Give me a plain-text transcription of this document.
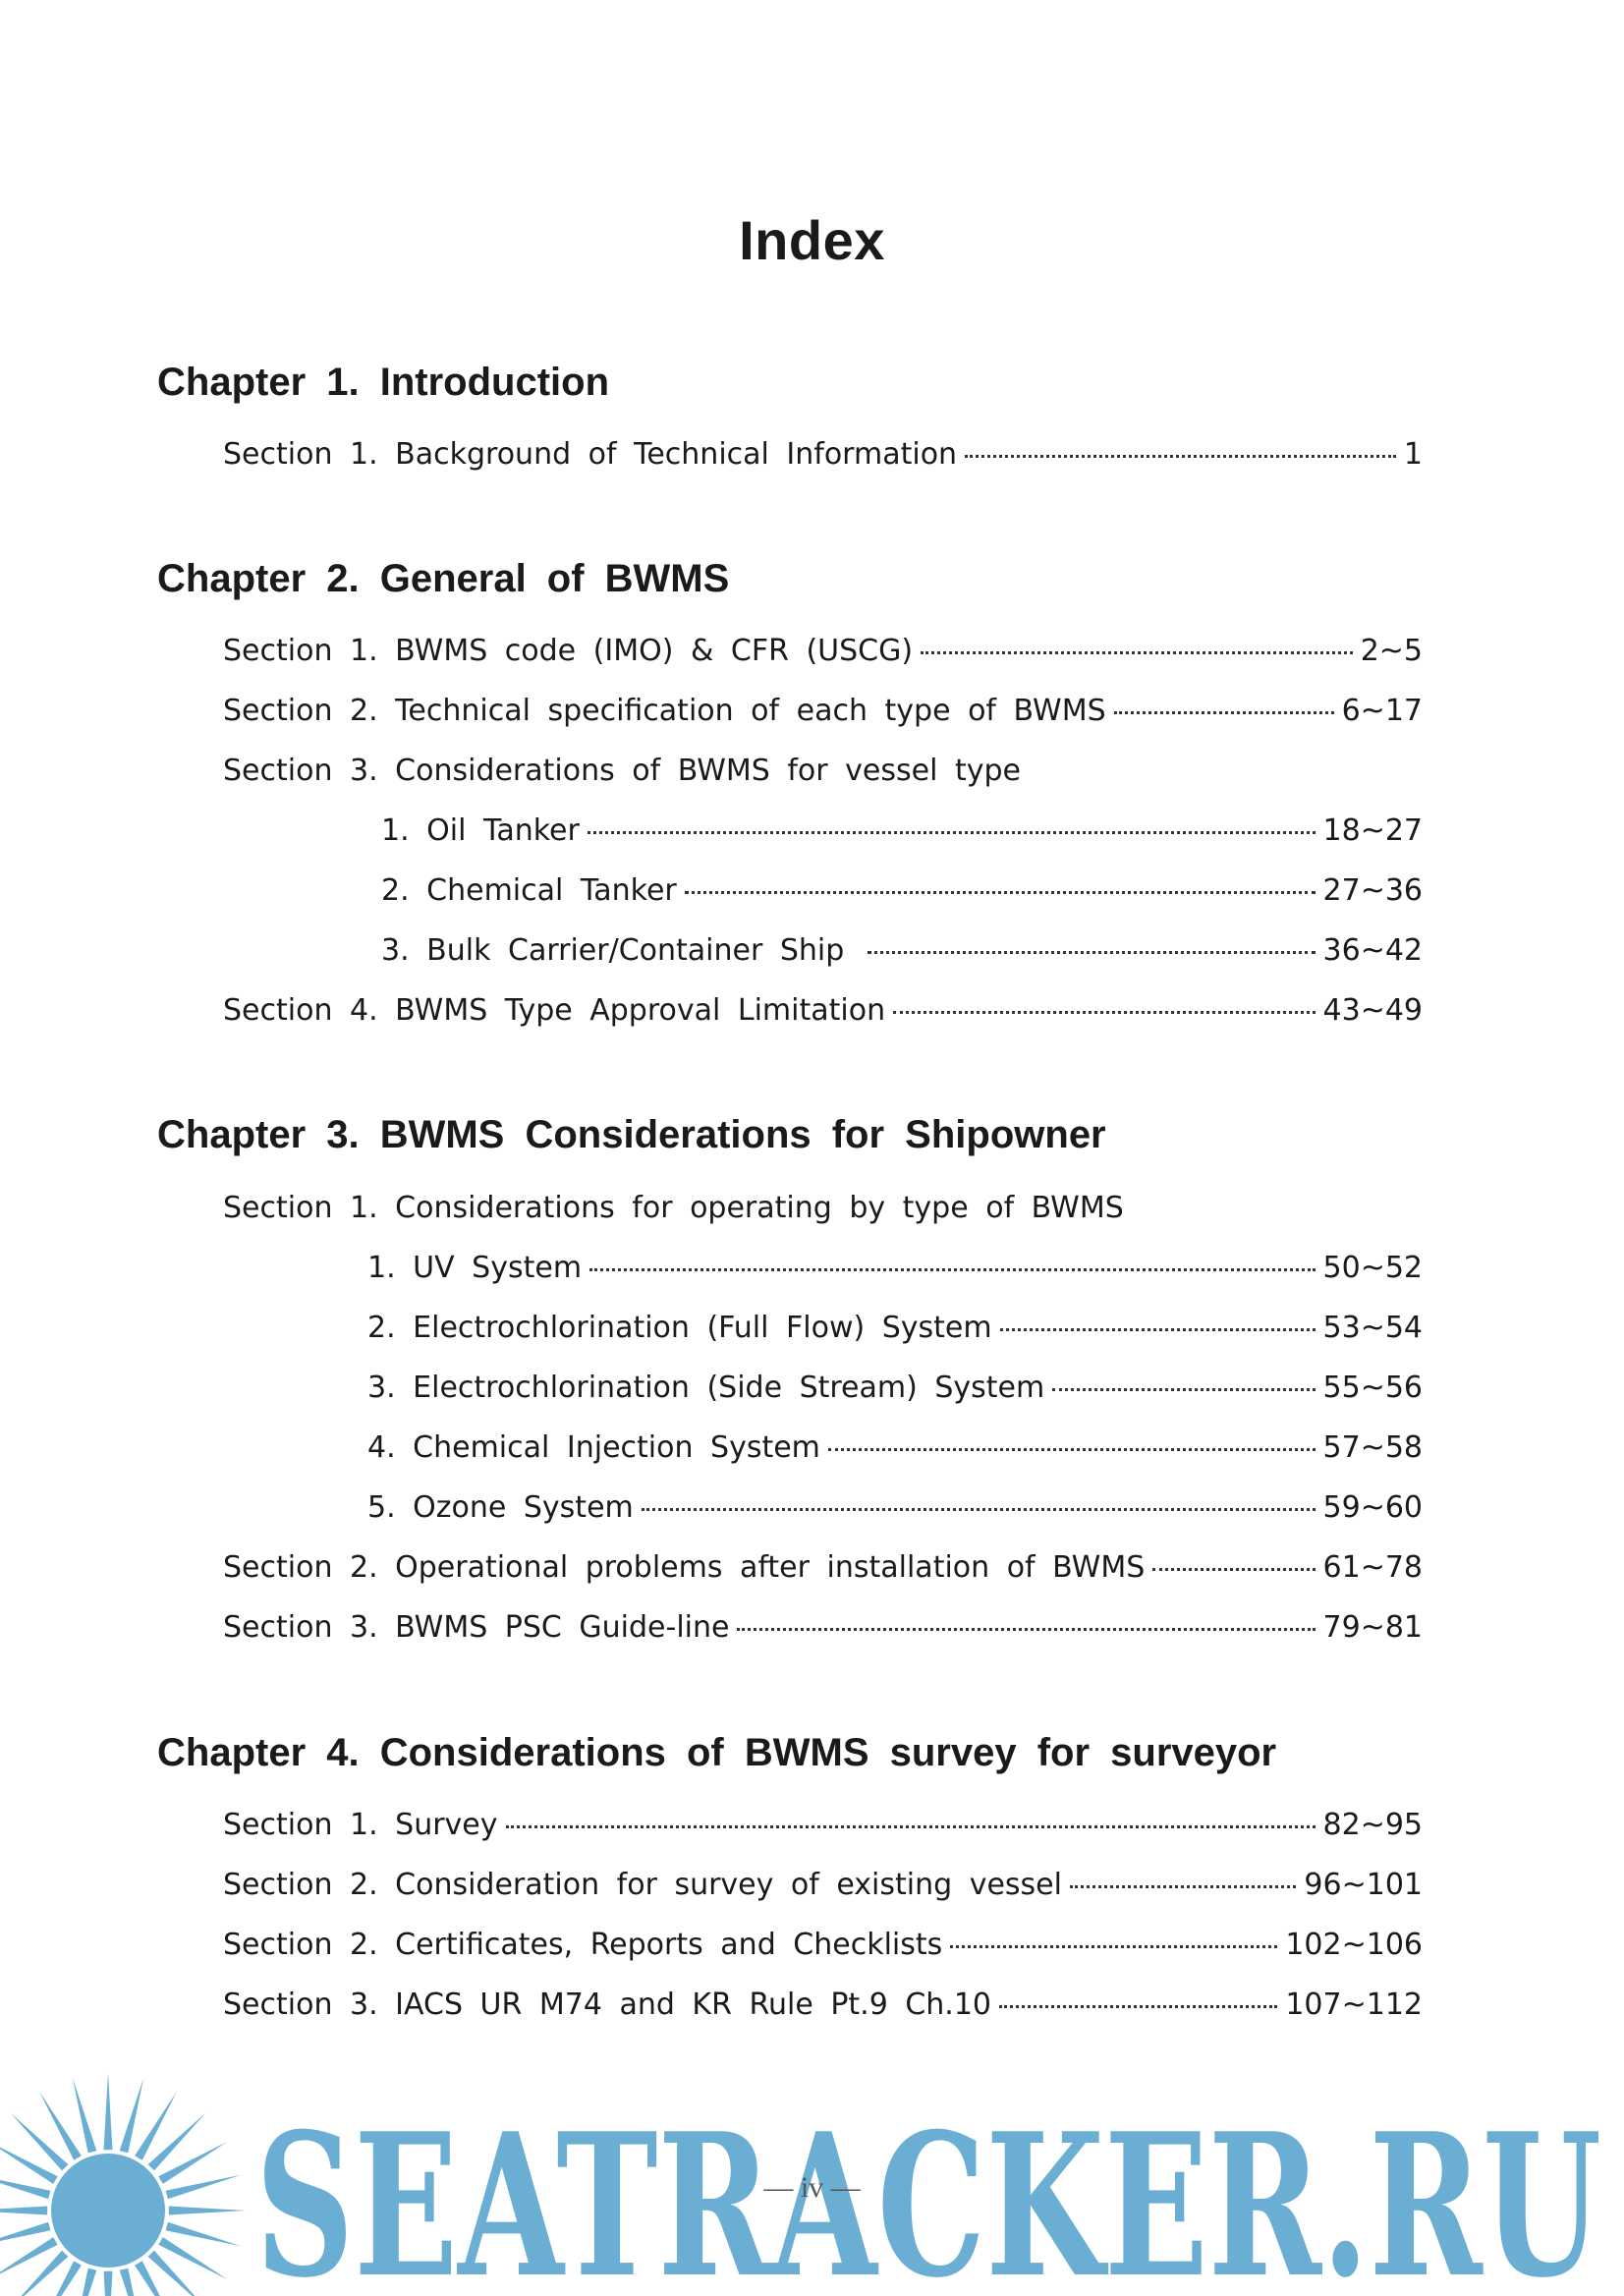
Index
Chapter 1. Introduction
Section 1. Background of Technical Information	1
Chapter 2. General of BWMS
Section 1. BWMS code (IMO) & CFR (USCG)	2~5
Section 2. Technical specification of each type of BWMS	6~17
Section 3. Considerations of BWMS for vessel type
1. Oil Tanker	18~27
2. Chemical Tanker	27~36
3. Bulk Carrier/Container Ship	36~42
Section 4. BWMS Type Approval Limitation	43~49
Chapter 3. BWMS Considerations for Shipowner
Section 1. Considerations for operating by type of BWMS
1. UV System	50~52
2. Electrochlorination (Full Flow) System	53~54
3. Electrochlorination (Side Stream) System	55~56
4. Chemical Injection System	57~58
5. Ozone System	59~60
Section 2. Operational problems after installation of BWMS	61~78
Section 3. BWMS PSC Guide-line	79~81
Chapter 4. Considerations of BWMS survey for surveyor
Section 1. Survey	82~95
Section 2. Consideration for survey of existing vessel	96~101
Section 2. Certificates, Reports and Checklists	102~106
Section 3. IACS UR M74 and KR Rule Pt.9 Ch.10	107~112
SEATRACKER.RU
— iv —
